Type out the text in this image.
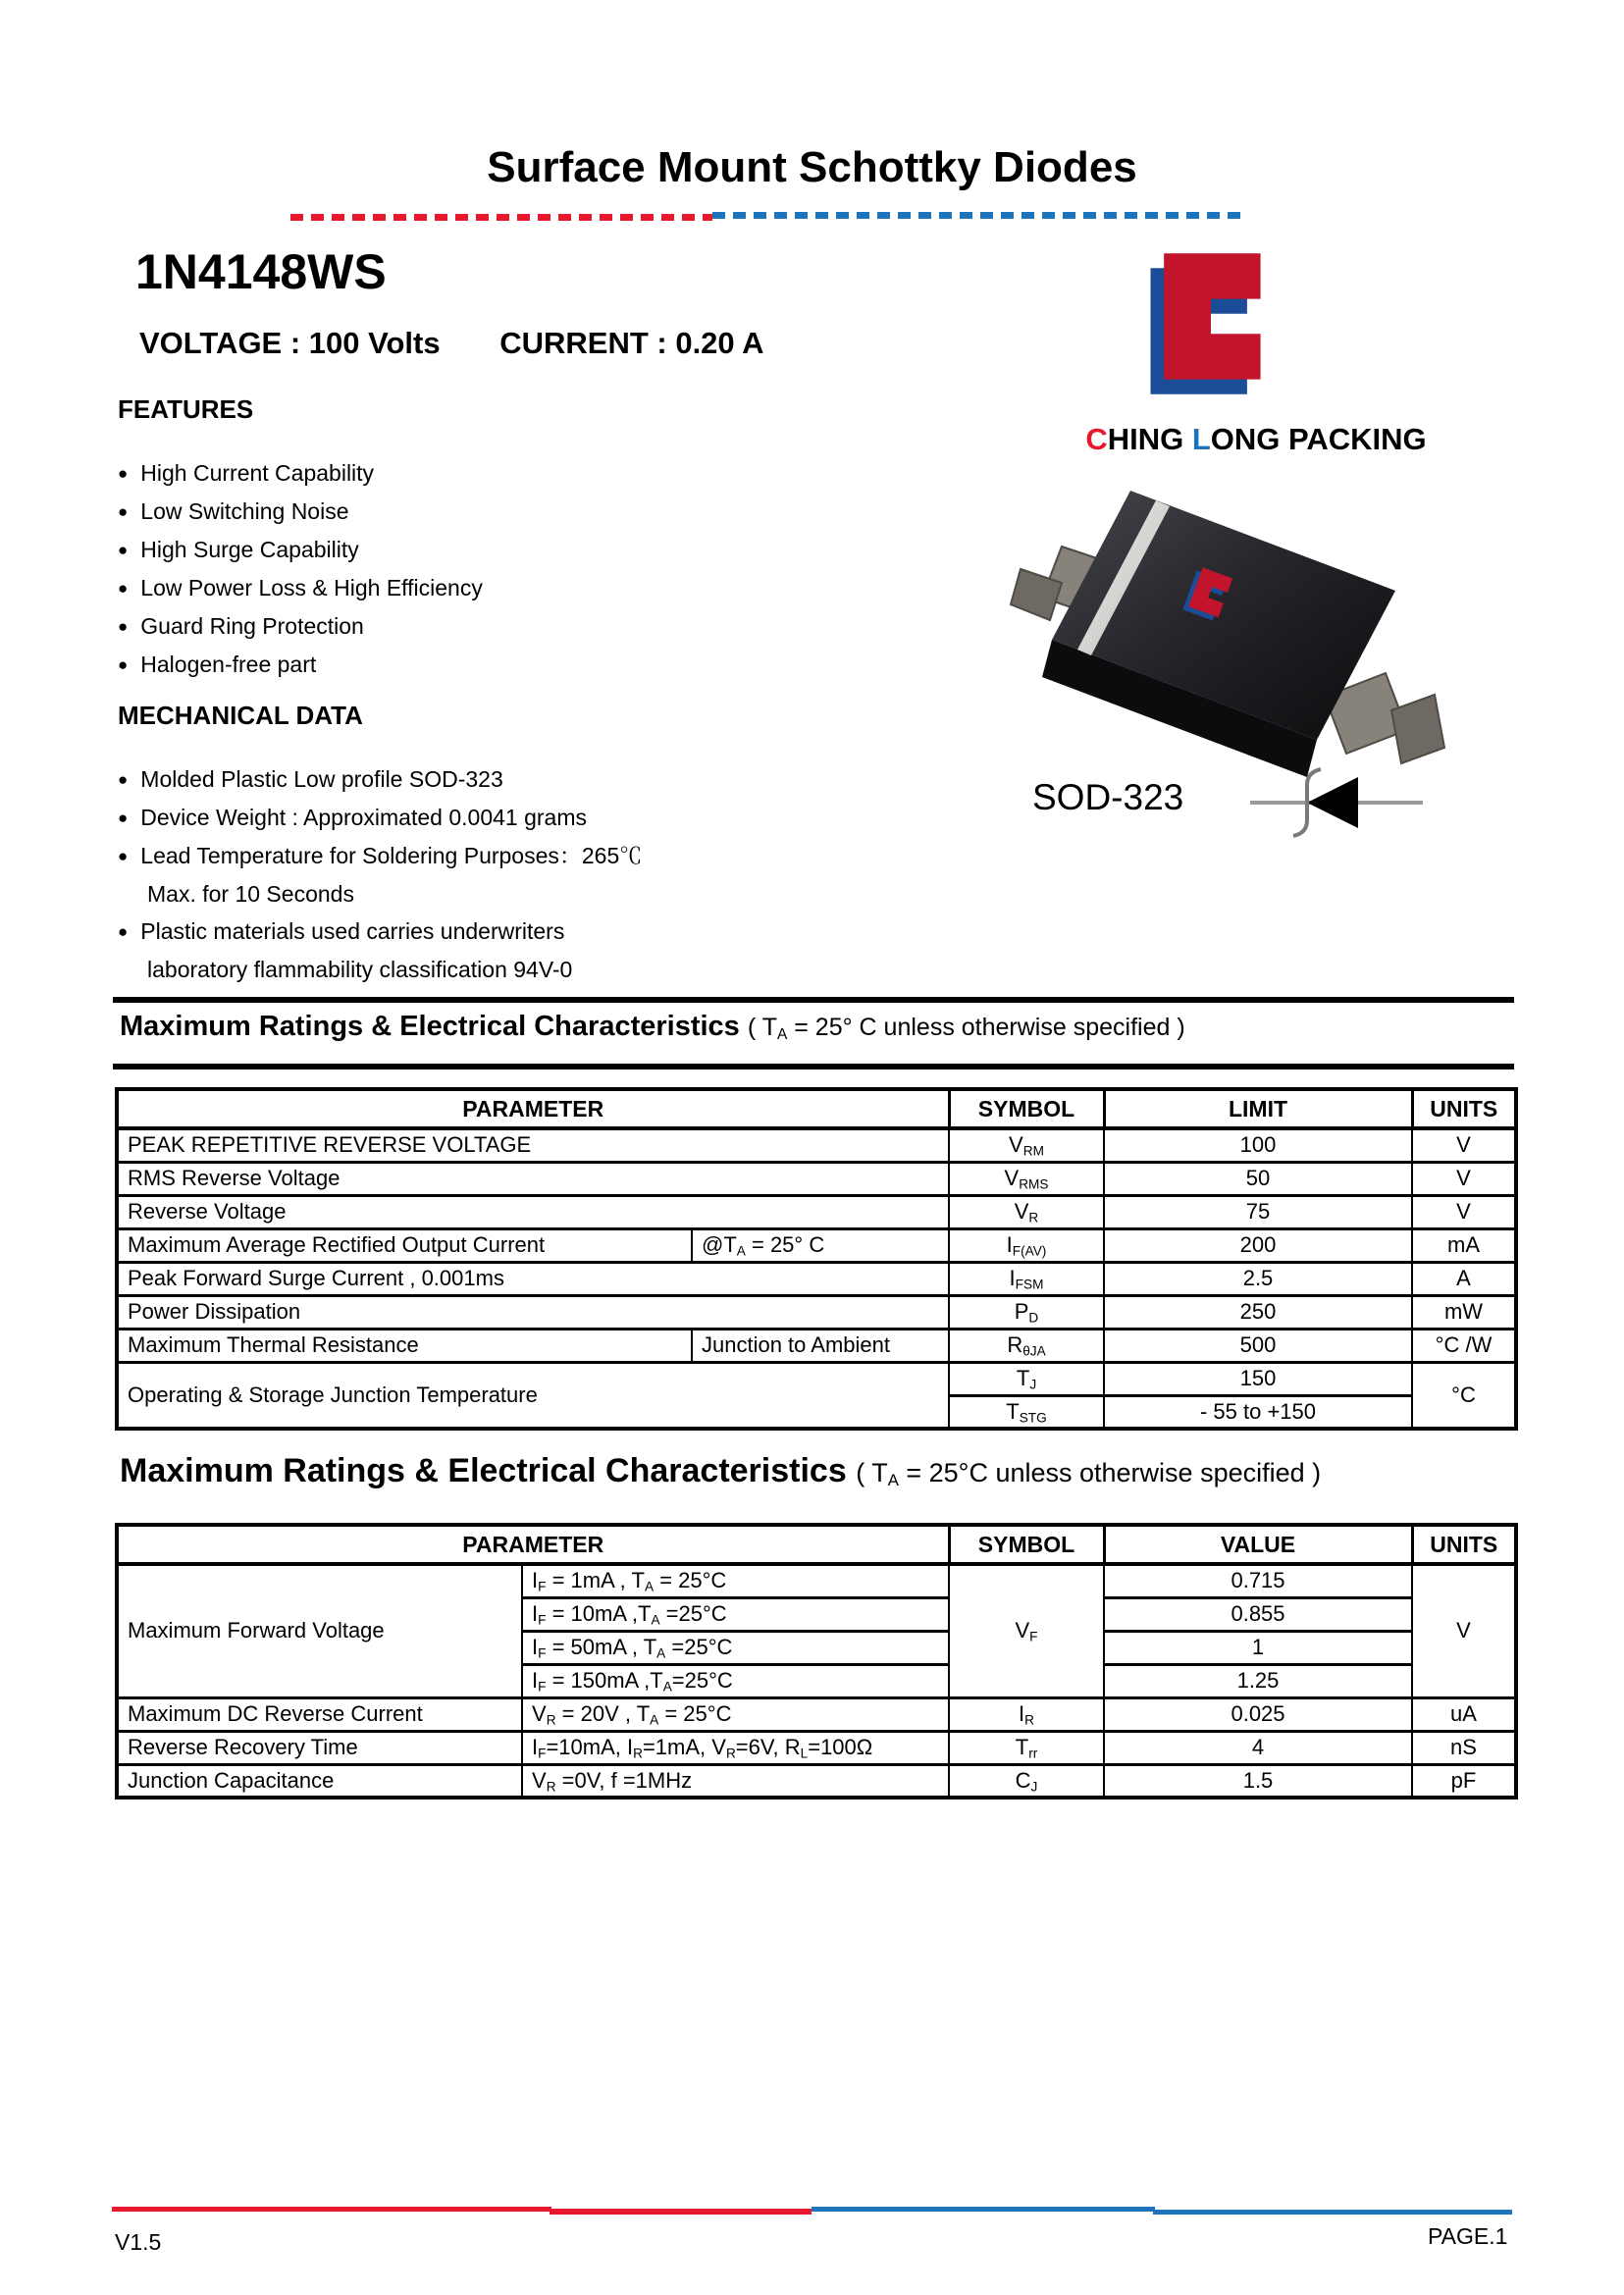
Surface Mount Schottky Diodes
1N4148WS
VOLTAGE : 100 Volts CURRENT : 0.20 A
CHING LONG PACKING
SOD-323
FEATURES
● High Current Capability
● Low Switching Noise
● High Surge Capability
● Low Power Loss & High Efficiency
● Guard Ring Protection
● Halogen-free part
MECHANICAL DATA
● Molded Plastic Low profile SOD-323
● Device Weight : Approximated 0.0041 grams
● Lead Temperature for Soldering Purposes：265℃
Max. for 10 Seconds
● Plastic materials used carries underwriters
laboratory flammability classification 94V-0
Maximum Ratings & Electrical Characteristics ( $T_A = 25^\circ$ C unless otherwise specified )
PARAMETER		SYMBOL	LIMIT	UNITS
PEAK REPETITIVE REVERSE VOLTAGE		$V_{RM}$	100	V
RMS Reverse Voltage		$V_{RMS}$	50	V
Reverse Voltage		$V_R$	75	V
Maximum Average Rectified Output Current	$@T_A = 25^\circ$ C	$I_{F(AV)}$	200	mA
Peak Forward Surge Current , 0.001ms		$I_{FSM}$	2.5	A
Power Dissipation		$P_D$	250	mW
Maximum Thermal Resistance	Junction to Ambient	$R_{\theta JA}$	500	°C /W
Operating & Storage Junction Temperature		$T_J$	150	°C
		$T_{STG}$	- 55 to +150	
Maximum Ratings & Electrical Characteristics ( $T_A = 25^\circ C$ unless otherwise specified )
PARAMETER		SYMBOL	VALUE	UNITS
Maximum Forward Voltage	$I_F = 1mA$ , $T_A = 25^\circ C$	$V_F$	0.715	V
	$I_F = 10mA$ $,T_A =25^\circ C$		0.855	
	$I_F = 50mA$ , $T_A =25^\circ C$		1	
	$I_F = 150mA$ $,T_A=25^\circ C$		1.25	
Maximum DC Reverse Current	$V_R = 20V$ , $T_A = 25^\circ C$	$I_R$	0.025	uA
Reverse Recovery Time	$I_F=10mA$, $I_R=1mA$, $V_R=6V$, $R_L=100\Omega$	$T_{rr}$	4	nS
Junction Capacitance	$V_R =0V$, f =1MHz	$C_J$	1.5	pF
V1.5	PAGE.1
